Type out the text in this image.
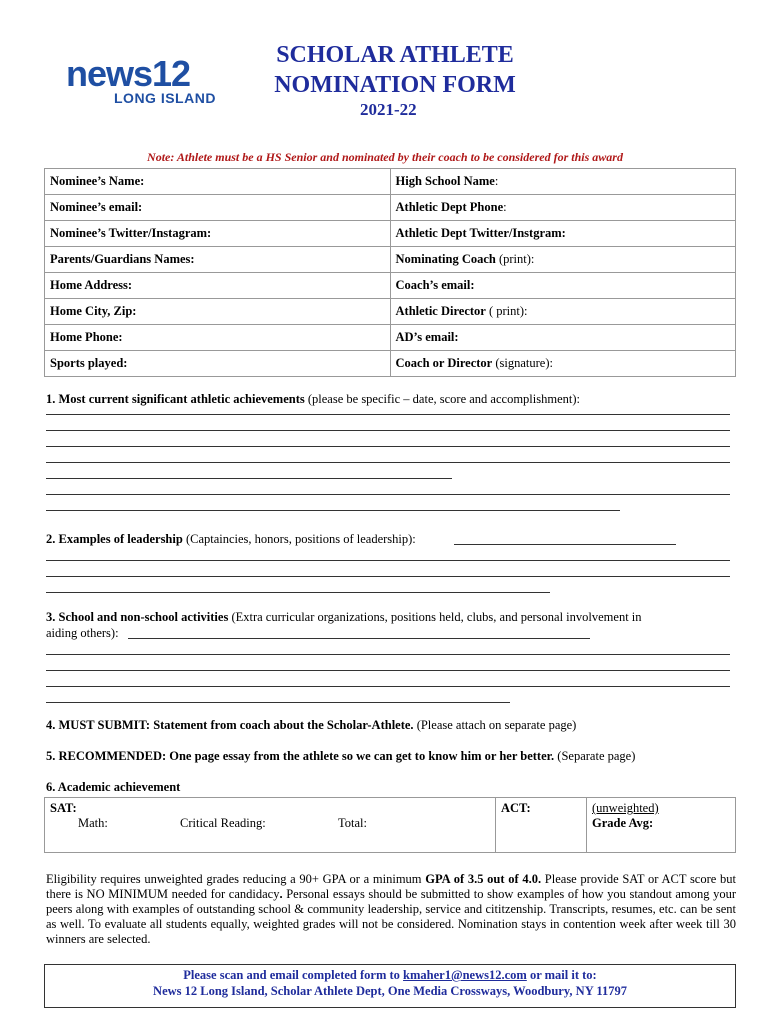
news12
LONG ISLAND
SCHOLAR ATHLETE
NOMINATION FORM
2021-22
Note: Athlete must be a HS Senior and nominated by their coach to be considered for this award
Nominee’s Name:	High School Name:
Nominee’s email:	Athletic Dept Phone:
Nominee’s Twitter/Instagram:	Athletic Dept Twitter/Instgram:
Parents/Guardians Names:	Nominating Coach (print):
Home Address:	Coach’s email:
Home City, Zip:	Athletic Director ( print):
Home Phone:	AD’s email:
Sports played:	Coach or Director (signature):
1. Most current significant athletic achievements (please be specific – date, score and accomplishment):
2. Examples of leadership (Captaincies, honors, positions of leadership):
3. School and non-school activities (Extra curricular organizations, positions held, clubs, and personal involvement in
aiding others):
4. MUST SUBMIT: Statement from coach about the Scholar-Athlete. (Please attach on separate page)
5. RECOMMENDED: One page essay from the athlete so we can get to know him or her better. (Separate page)
6. Academic achievement
SAT:
Math:	Critical Reading:	Total:

ACT:	(unweighted)
Grade Avg:
Eligibility requires unweighted grades reducing a 90+ GPA or a minimum GPA of 3.5 out of 4.0. Please provide SAT or ACT score but there is NO MINIMUM needed for candidacy. Personal essays should be submitted to show examples of how you standout among your peers along with examples of outstanding school & community leadership, service and cititzenship. Transcripts, resumes, etc. can be sent as well. To evaluate all students equally, weighted grades will not be considered. Nomination stays in contention week after week till 30 winners are selected.
Please scan and email completed form to kmaher1@news12.com or mail it to:
News 12 Long Island, Scholar Athlete Dept, One Media Crossways, Woodbury, NY 11797
